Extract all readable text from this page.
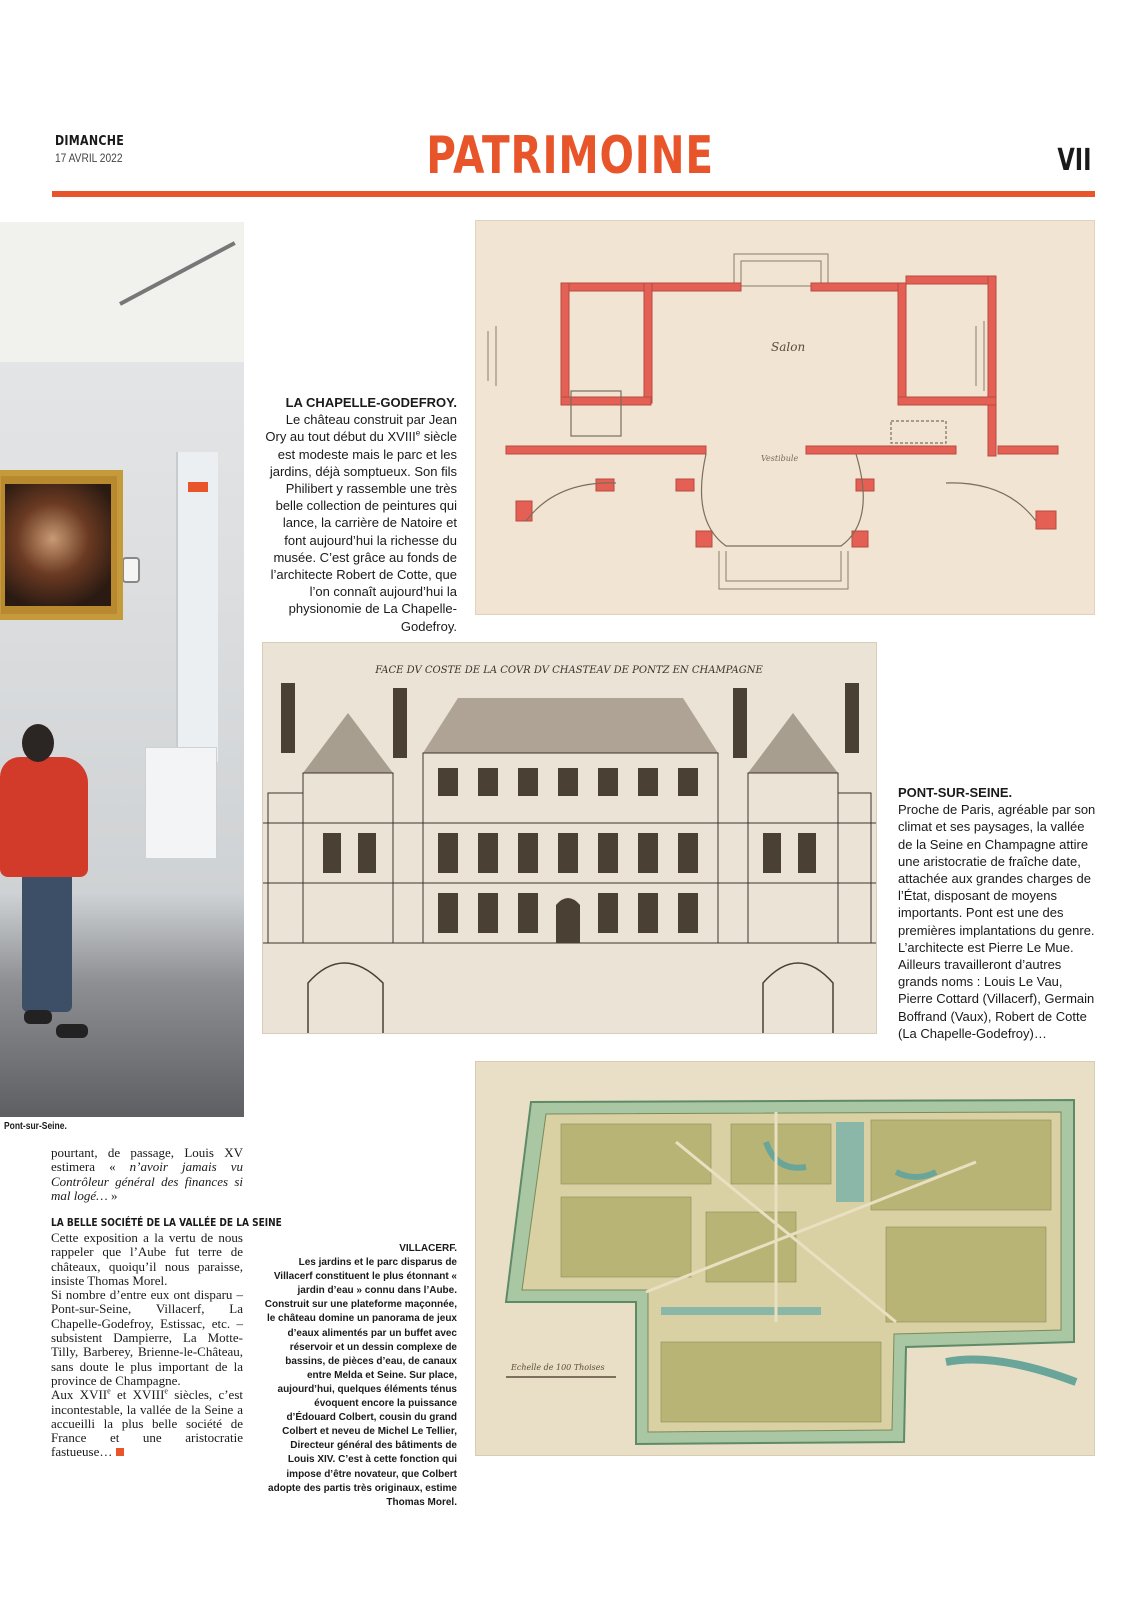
DIMANCHE
17 AVRIL 2022	PATRIMOINE	VII
Pont-sur-Seine.
Salon
Vestibule
LA CHAPELLE-GODEFROY.
Le château construit par Jean Ory au tout début du XVIIIe siècle est modeste mais le parc et les jardins, déjà somptueux. Son fils Philibert y rassemble une très belle collection de peintures qui lance, la carrière de Natoire et font aujourd’hui la richesse du musée. C’est grâce au fonds de l’architecte Robert de Cotte, que l’on connaît aujourd’hui la physionomie de La Chapelle-Godefroy.
FACE DV COSTE DE LA COVR DV CHASTEAV DE PONTZ EN CHAMPAGNE
PONT-SUR-SEINE.
Proche de Paris, agréable par son climat et ses paysages, la vallée de la Seine en Champagne attire une aristocratie de fraîche date, attachée aux grandes charges de l’État, disposant de moyens importants. Pont est une des premières implantations du genre. L’architecte est Pierre Le Mue. Ailleurs travailleront d’autres grands noms : Louis Le Vau, Pierre Cottard (Villacerf), Germain Boffrand (Vaux), Robert de Cotte (La Chapelle-Godefroy)…
Echelle de 100 Thoises
VILLACERF.
Les jardins et le parc disparus de Villacerf constituent le plus étonnant « jardin d’eau » connu dans l’Aube. Construit sur une plateforme maçonnée, le château domine un panorama de jeux d’eaux alimentés par un buffet avec réservoir et un dessin complexe de bassins, de pièces d’eau, de canaux entre Melda et Seine. Sur place, aujourd’hui, quelques éléments ténus évoquent encore la puissance d’Édouard Colbert, cousin du grand Colbert et neveu de Michel Le Tellier, Directeur général des bâtiments de Louis XIV. C’est à cette fonction qui impose d’être novateur, que Colbert adopte des partis très originaux, estime Thomas Morel.

pourtant, de passage, Louis XV estimera « n’avoir jamais vu Contrôleur général des finances si mal logé… »

LA BELLE SOCIÉTÉ DE LA VALLÉE DE LA SEINE

Cette exposition a la vertu de nous rappeler que l’Aube fut terre de châteaux, quoiqu’il nous paraisse, insiste Thomas Morel.

Si nombre d’entre eux ont disparu – Pont-sur-Seine, Villacerf, La Chapelle-Godefroy, Estissac, etc. – subsistent Dampierre, La Motte-Tilly, Barberey, Brienne-le-Château, sans doute le plus important de la province de Champagne.

Aux XVIIe et XVIIIe siècles, c’est incontestable, la vallée de la Seine a accueilli la plus belle société de France et une aristocratie fastueuse…
